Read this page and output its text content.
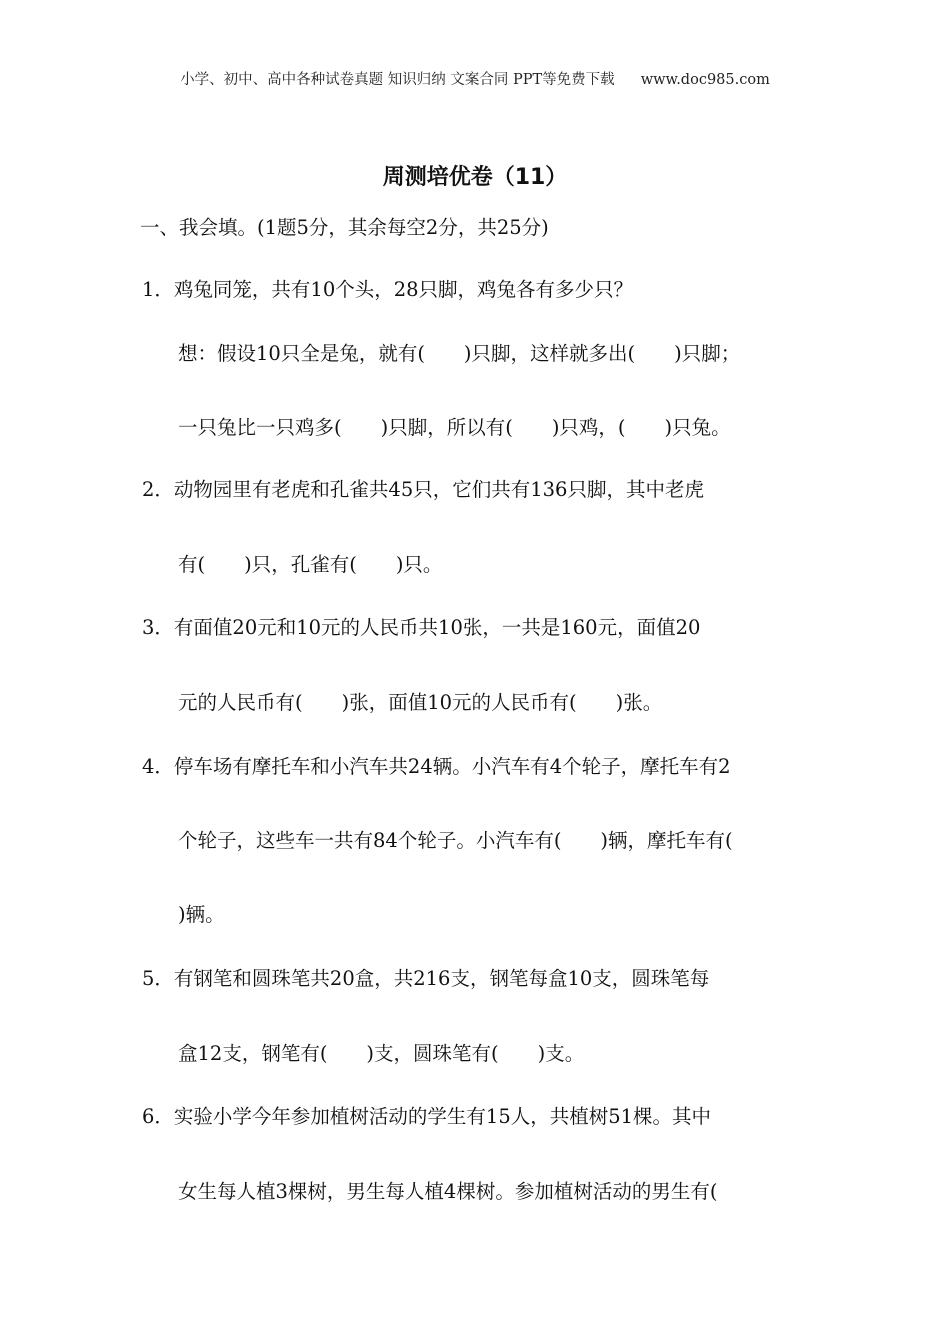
小学、初中、高中各种试卷真题 知识归纳 文案合同 PPT等免费下载 www.doc985.com
周测培优卷（11）
一、我会填。(1题5分，其余每空2分，共25分)
1．鸡兔同笼，共有10个头，28只脚，鸡兔各有多少只？
想：假设10只全是兔，就有(　　)只脚，这样就多出(　　)只脚；
一只兔比一只鸡多(　　)只脚，所以有(　　)只鸡，(　　)只兔。
2．动物园里有老虎和孔雀共45只，它们共有136只脚，其中老虎
有(　　)只，孔雀有(　　)只。
3．有面值20元和10元的人民币共10张，一共是160元，面值20
元的人民币有(　　)张，面值10元的人民币有(　　)张。
4．停车场有摩托车和小汽车共24辆。小汽车有4个轮子，摩托车有2
个轮子，这些车一共有84个轮子。小汽车有(　　)辆，摩托车有(
)辆。
5．有钢笔和圆珠笔共20盒，共216支，钢笔每盒10支，圆珠笔每
盒12支，钢笔有(　　)支，圆珠笔有(　　)支。
6．实验小学今年参加植树活动的学生有15人，共植树51棵。其中
女生每人植3棵树，男生每人植4棵树。参加植树活动的男生有(
